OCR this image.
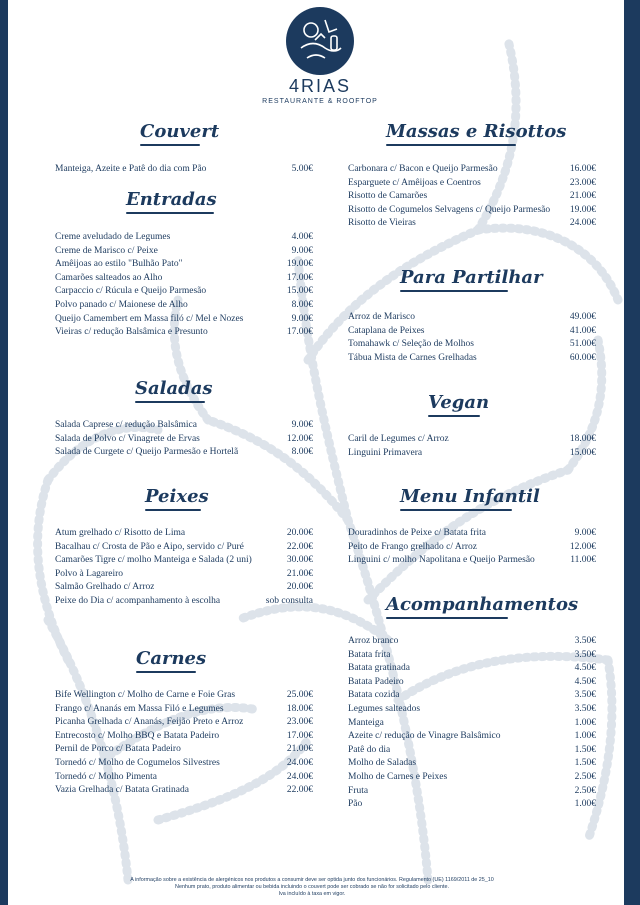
4RIAS
RESTAURANTE & ROOFTOP
Couvert
Manteiga, Azeite e Patê do dia com Pão	5.00€
Entradas
Creme aveludado de Legumes	4.00€
Creme de Marisco c/ Peixe	9.00€
Amêijoas ao estilo "Bulhão Pato"	19.00€
Camarões salteados ao Alho	17.00€
Carpaccio c/ Rúcula e Queijo Parmesão	15.00€
Polvo panado c/ Maionese de Alho	8.00€
Queijo Camembert em Massa filó c/ Mel e Nozes	9.00€
Vieiras c/ redução Balsâmica e Presunto	17.00€
Saladas
Salada Caprese c/ redução Balsâmica	9.00€
Salada de Polvo c/ Vinagrete de Ervas	12.00€
Salada de Curgete c/ Queijo Parmesão e Hortelã	8.00€
Peixes
Atum grelhado c/ Risotto de Lima	20.00€
Bacalhau c/ Crosta de Pão e Aipo, servido c/ Puré	22.00€
Camarões Tigre c/ molho Manteiga e Salada (2 uni)	30.00€
Polvo à Lagareiro	21.00€
Salmão Grelhado c/ Arroz	20.00€
Peixe do Dia c/ acompanhamento à escolha	sob consulta
Carnes
Bife Wellington c/ Molho de Carne e Foie Gras	25.00€
Frango c/ Ananás em Massa Filó e Legumes	18.00€
Picanha Grelhada c/ Ananás, Feijão Preto e Arroz	23.00€
Entrecosto c/ Molho BBQ e Batata Padeiro	17.00€
Pernil de Porco c/ Batata Padeiro	21.00€
Tornedó c/ Molho de Cogumelos Silvestres	24.00€
Tornedó c/ Molho Pimenta	24.00€
Vazia Grelhada c/ Batata Gratinada	22.00€
Massas e Risottos
Carbonara c/ Bacon e Queijo Parmesão	16.00€
Esparguete c/ Amêijoas e Coentros	23.00€
Risotto de Camarões	21.00€
Risotto de Cogumelos Selvagens c/ Queijo Parmesão	19.00€
Risotto de Vieiras	24.00€
Para Partilhar
Arroz de Marisco	49.00€
Cataplana de Peixes	41.00€
Tomahawk c/ Seleção de Molhos	51.00€
Tábua Mista de Carnes Grelhadas	60.00€
Vegan
Caril de Legumes c/ Arroz	18.00€
Linguini Primavera	15.00€
Menu Infantil
Douradinhos de Peixe c/ Batata frita	9.00€
Peito de Frango grelhado c/ Arroz	12.00€
Linguini c/ molho Napolitana e Queijo Parmesão	11.00€
Acompanhamentos
Arroz branco	3.50€
Batata frita	3.50€
Batata gratinada	4.50€
Batata Padeiro	4.50€
Batata cozida	3.50€
Legumes salteados	3.50€
Manteiga	1.00€
Azeite c/ redução de Vinagre Balsâmico	1.00€
Patê do dia	1.50€
Molho de Saladas	1.50€
Molho de Carnes e Peixes	2.50€
Fruta	2.50€
Pão	1.00€
A informação sobre a existência de alergénicos nos produtos a consumir deve ser optida junto dos funcionários. Regulamento (UE) 1169/2011 de 25_10
Nenhum prato, produto alimentar ou bebida incluindo o couvert pode ser cobrado se não for solicitado pelo cliente.
Iva incluído à taxa em vigor.
